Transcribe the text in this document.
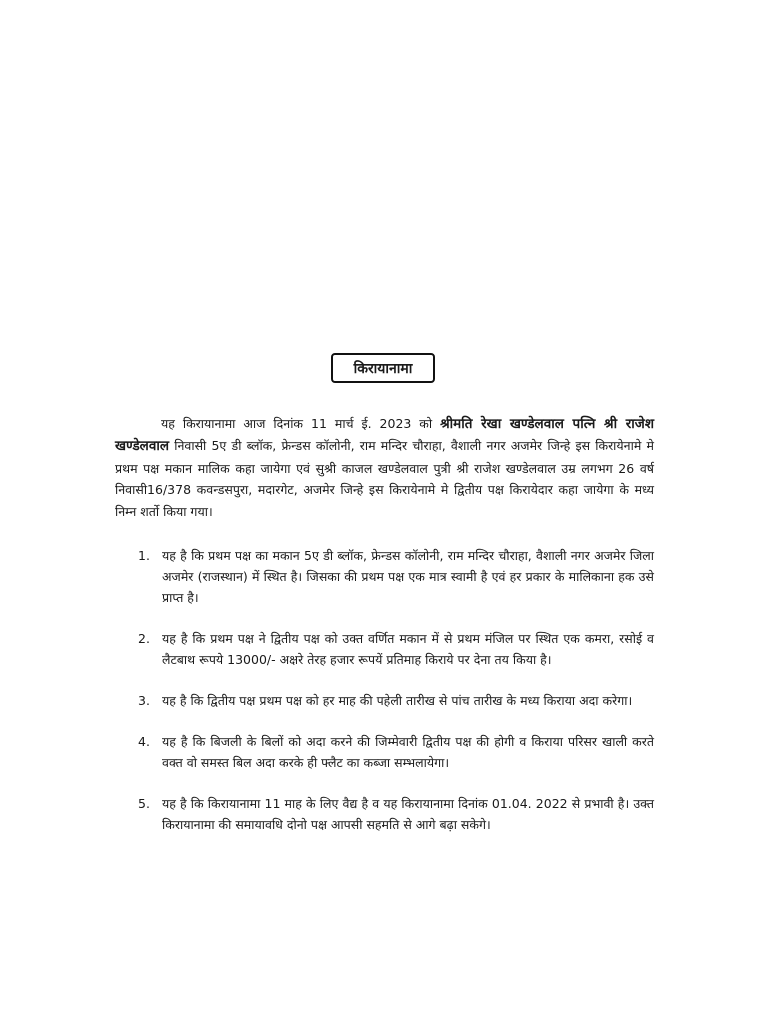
किरायानामा

यह किरायानामा आज दिनांक 11 मार्च ई. 2023 को श्रीमति रेखा खण्डेलवाल पत्नि श्री राजेश खण्डेलवाल निवासी 5ए डी ब्लॉक, फ्रेन्डस कॉलोनी, राम मन्दिर चौराहा, वैशाली नगर अजमेर जिन्हे इस किरायेनामे मे प्रथम पक्ष मकान मालिक कहा जायेगा एवं सुश्री काजल खण्डेलवाल पुत्री श्री राजेश खण्डेलवाल उम्र लगभग 26 वर्ष निवासी16/378 कवन्डसपुरा, मदारगेट, अजमेर जिन्हे इस किरायेनामे मे द्वितीय पक्ष किरायेदार कहा जायेगा के मध्य निम्न शर्तो किया गया।

1. यह है कि प्रथम पक्ष का मकान 5ए डी ब्लॉक, फ्रेन्डस कॉलोनी, राम मन्दिर चौराहा, वैशाली नगर अजमेर जिला अजमेर (राजस्थान) में स्थित है। जिसका की प्रथम पक्ष एक मात्र स्वामी है एवं हर प्रकार के मालिकाना हक उसे प्राप्त है।
2. यह है कि प्रथम पक्ष ने द्वितीय पक्ष को उक्त वर्णित मकान में से प्रथम मंजिल पर स्थित एक कमरा, रसोई व लैटबाथ रूपये 13000/- अक्षरे तेरह हजार रूपयें प्रतिमाह किराये पर देना तय किया है।
3. यह है कि द्वितीय पक्ष प्रथम पक्ष को हर माह की पहेली तारीख से पांच तारीख के मध्य किराया अदा करेगा।
4. यह है कि बिजली के बिलों को अदा करने की जिम्मेवारी द्वितीय पक्ष की होगी व किराया परिसर खाली करते वक्त वो समस्त बिल अदा करके ही फ्लैट का कब्जा सम्भलायेगा।
5. यह है कि किरायानामा 11 माह के लिए वैद्य है व यह किरायानामा दिनांक 01.04. 2022 से प्रभावी है। उक्त किरायानामा की समायावधि दोनो पक्ष आपसी सहमति से आगे बढ़ा सकेगे।
